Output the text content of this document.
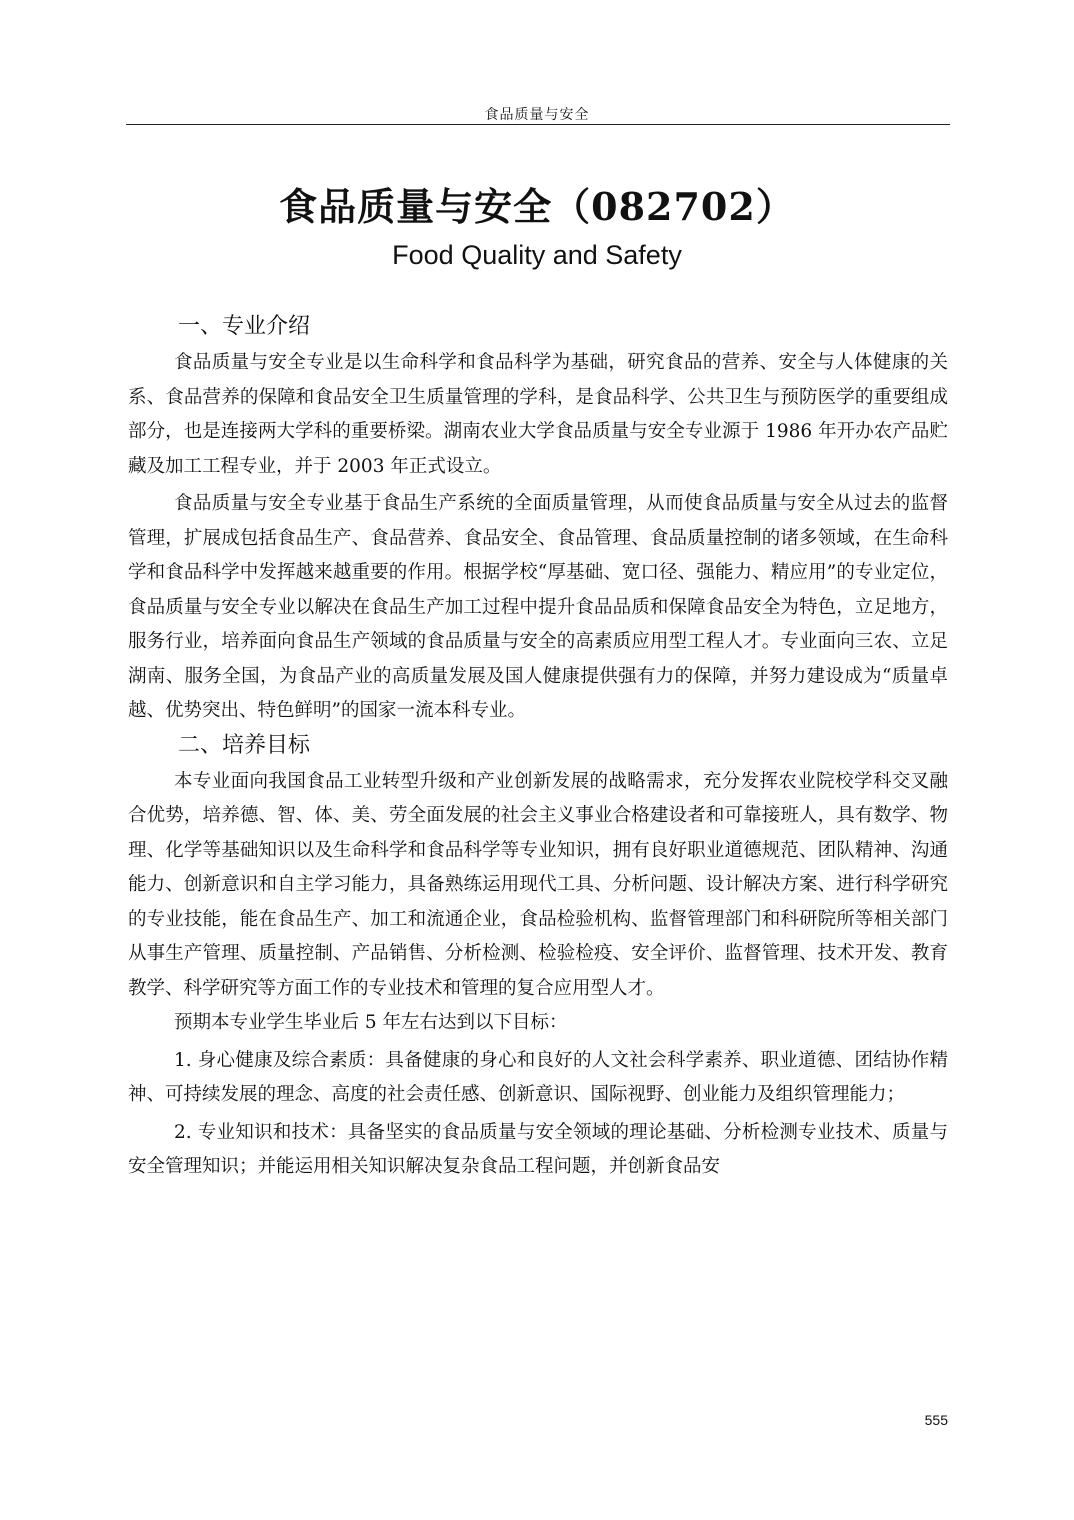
食品质量与安全
食品质量与安全（082702）
Food Quality and Safety
一、专业介绍

食品质量与安全专业是以生命科学和食品科学为基础，研究食品的营养、安全与人体健康的关系、食品营养的保障和食品安全卫生质量管理的学科，是食品科学、公共卫生与预防医学的重要组成部分，也是连接两大学科的重要桥梁。湖南农业大学食品质量与安全专业源于 1986 年开办农产品贮藏及加工工程专业，并于 2003 年正式设立。

食品质量与安全专业基于食品生产系统的全面质量管理，从而使食品质量与安全从过去的监督管理，扩展成包括食品生产、食品营养、食品安全、食品管理、食品质量控制的诸多领域，在生命科学和食品科学中发挥越来越重要的作用。根据学校“厚基础、宽口径、强能力、精应用”的专业定位，食品质量与安全专业以解决在食品生产加工过程中提升食品品质和保障食品安全为特色，立足地方，服务行业，培养面向食品生产领域的食品质量与安全的高素质应用型工程人才。专业面向三农、立足湖南、服务全国，为食品产业的高质量发展及国人健康提供强有力的保障，并努力建设成为“质量卓越、优势突出、特色鲜明”的国家一流本科专业。

二、培养目标

本专业面向我国食品工业转型升级和产业创新发展的战略需求，充分发挥农业院校学科交叉融合优势，培养德、智、体、美、劳全面发展的社会主义事业合格建设者和可靠接班人，具有数学、物理、化学等基础知识以及生命科学和食品科学等专业知识，拥有良好职业道德规范、团队精神、沟通能力、创新意识和自主学习能力，具备熟练运用现代工具、分析问题、设计解决方案、进行科学研究的专业技能，能在食品生产、加工和流通企业，食品检验机构、监督管理部门和科研院所等相关部门从事生产管理、质量控制、产品销售、分析检测、检验检疫、安全评价、监督管理、技术开发、教育教学、科学研究等方面工作的专业技术和管理的复合应用型人才。

预期本专业学生毕业后 5 年左右达到以下目标：

1. 身心健康及综合素质：具备健康的身心和良好的人文社会科学素养、职业道德、团结协作精神、可持续发展的理念、高度的社会责任感、创新意识、国际视野、创业能力及组织管理能力；

2. 专业知识和技术：具备坚实的食品质量与安全领域的理论基础、分析检测专业技术、质量与安全管理知识；并能运用相关知识解决复杂食品工程问题，并创新食品安

555
